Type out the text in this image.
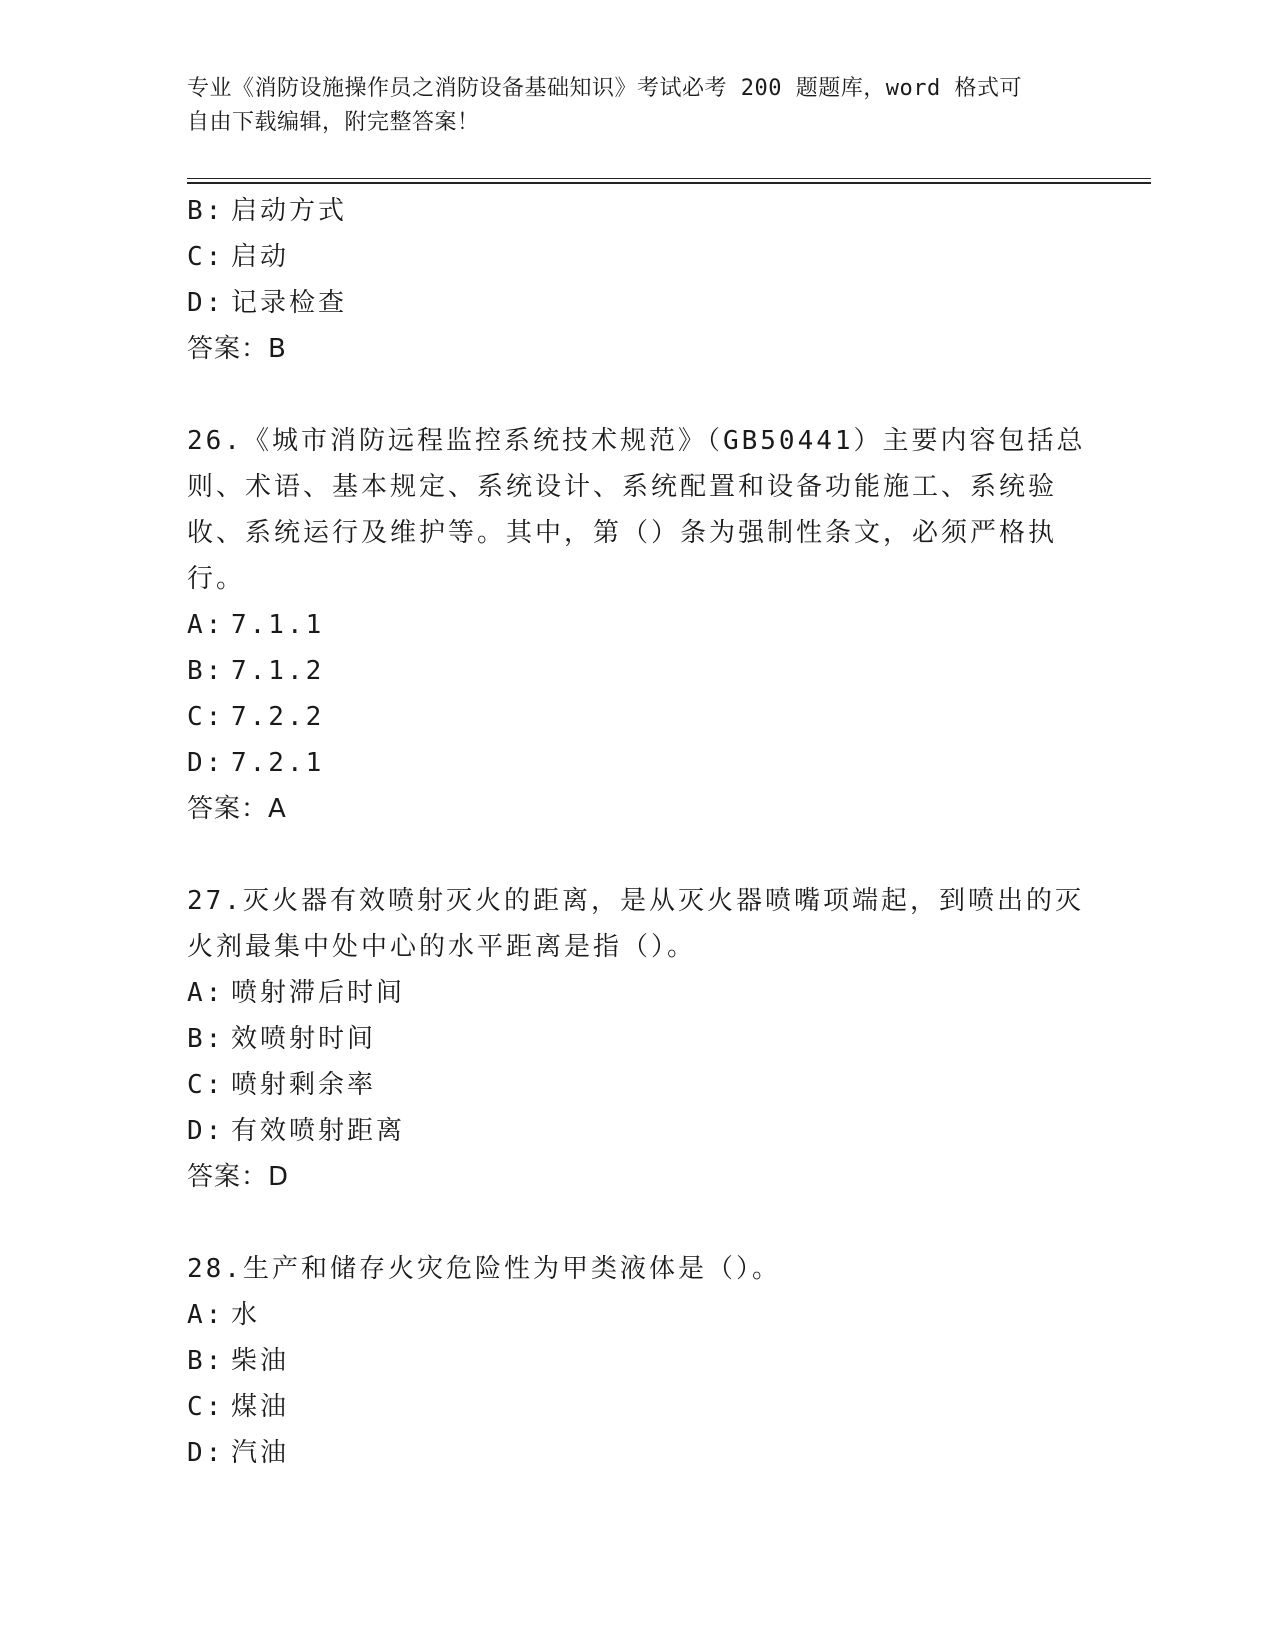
专业《消防设施操作员之消防设备基础知识》考试必考 200 题题库，word 格式可
自由下载编辑，附完整答案！
B: 启动方式
C: 启动
D: 记录检查
答案：B
26.《城市消防远程监控系统技术规范》（GB50441）主要内容包括总
则、术语、基本规定、系统设计、系统配置和设备功能施工、系统验
收、系统运行及维护等。其中，第（）条为强制性条文，必须严格执
行。
A: 7.1.1
B: 7.1.2
C: 7.2.2
D: 7.2.1
答案：A
27.灭火器有效喷射灭火的距离，是从灭火器喷嘴项端起，到喷出的灭
火剂最集中处中心的水平距离是指（）。
A: 喷射滞后时间
B: 效喷射时间
C: 喷射剩余率
D: 有效喷射距离
答案：D
28.生产和储存火灾危险性为甲类液体是（）。
A: 水
B: 柴油
C: 煤油
D: 汽油
